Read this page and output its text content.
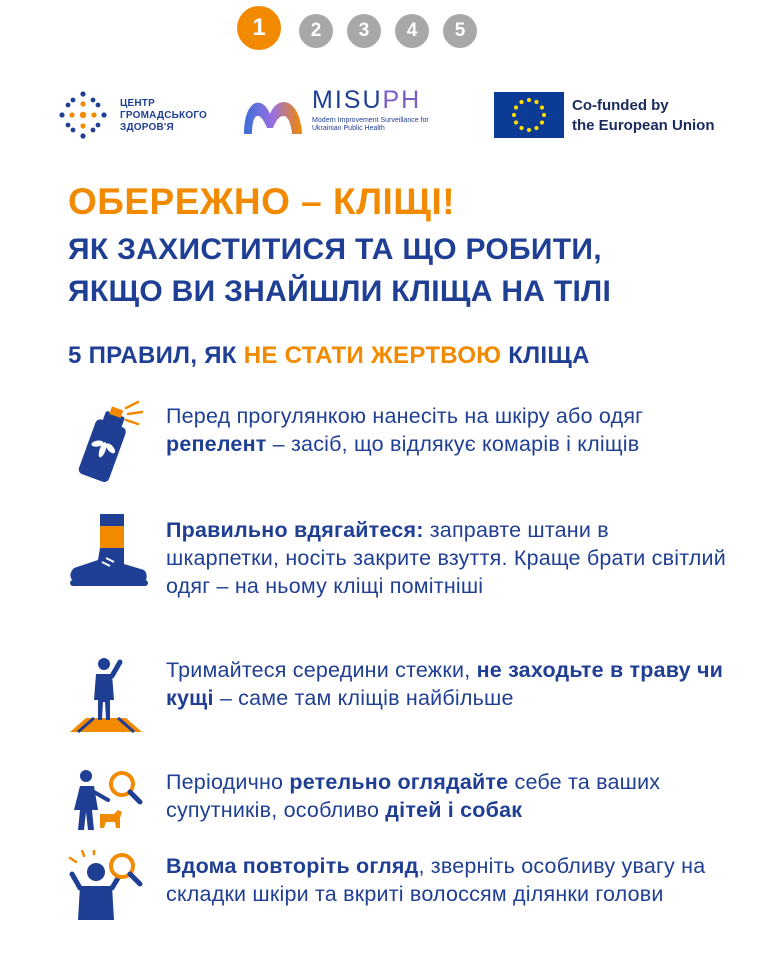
1	2	3	4	5
ЦЕНТР
ГРОМАДСЬКОГО
ЗДОРОВ'Я
MISUPH
Modern Improvement Surveillance for Ukrainian Public Health
Co-funded by
the European Union
ОБЕРЕЖНО – КЛІЩІ!
ЯК ЗАХИСТИТИСЯ ТА ЩО РОБИТИ,
ЯКЩО ВИ ЗНАЙШЛИ КЛІЩА НА ТІЛІ
5 ПРАВИЛ, ЯК НЕ СТАТИ ЖЕРТВОЮ КЛІЩА
Перед прогулянкою нанесіть на шкіру або одяг репелент – засіб, що відлякує комарів і кліщів
Правильно вдягайтеся: заправте штани в шкарпетки, носіть закрите взуття. Краще брати світлий одяг – на ньому кліщі помітніші
Тримайтеся середини стежки, не заходьте в траву чи кущі – саме там кліщів найбільше
Періодично ретельно оглядайте себе та ваших супутників, особливо дітей і собак
Вдома повторіть огляд, зверніть особливу увагу на складки шкіри та вкриті волоссям ділянки голови
